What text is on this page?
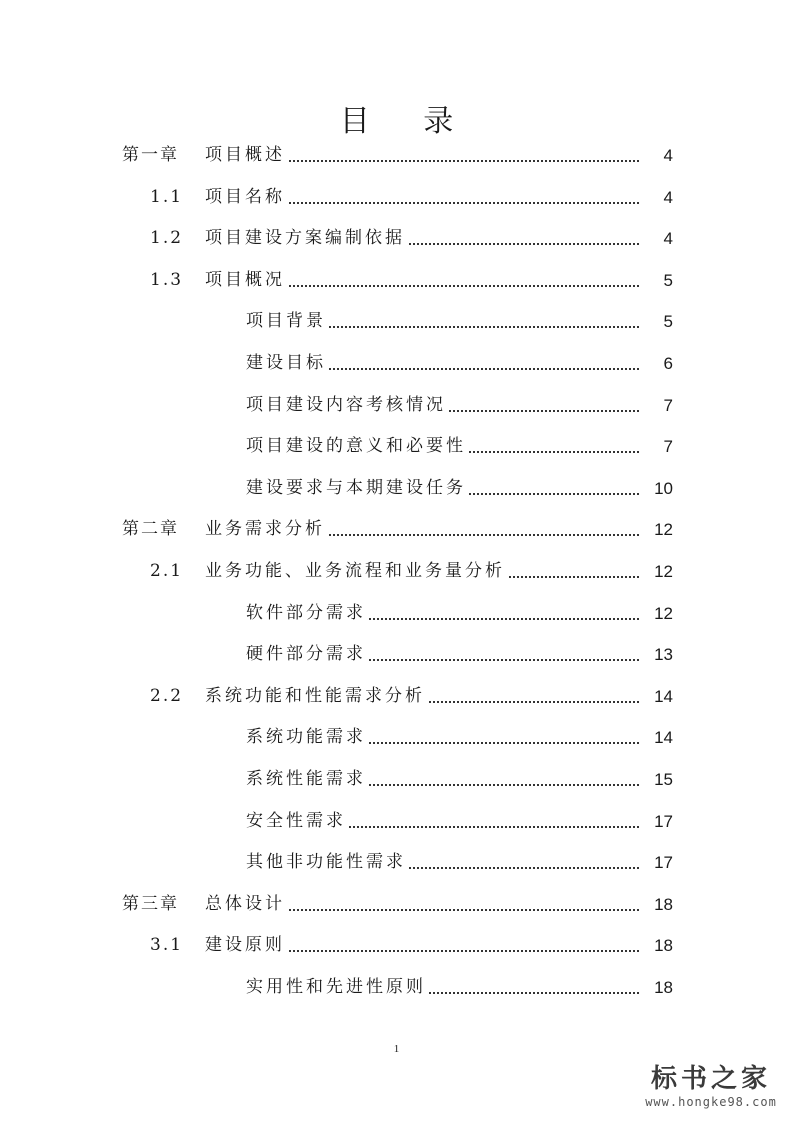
目 录
第一章 项目概述	4
1.1 项目名称	4
1.2 项目建设方案编制依据	4
1.3 项目概况	5
项目背景	5
建设目标	6
项目建设内容考核情况	7
项目建设的意义和必要性	7
建设要求与本期建设任务	10
第二章 业务需求分析	12
2.1 业务功能、业务流程和业务量分析	12
软件部分需求	12
硬件部分需求	13
2.2 系统功能和性能需求分析	14
系统功能需求	14
系统性能需求	15
安全性需求	17
其他非功能性需求	17
第三章 总体设计	18
3.1 建设原则	18
实用性和先进性原则	18
1
标书之家
www.hongke98.com
